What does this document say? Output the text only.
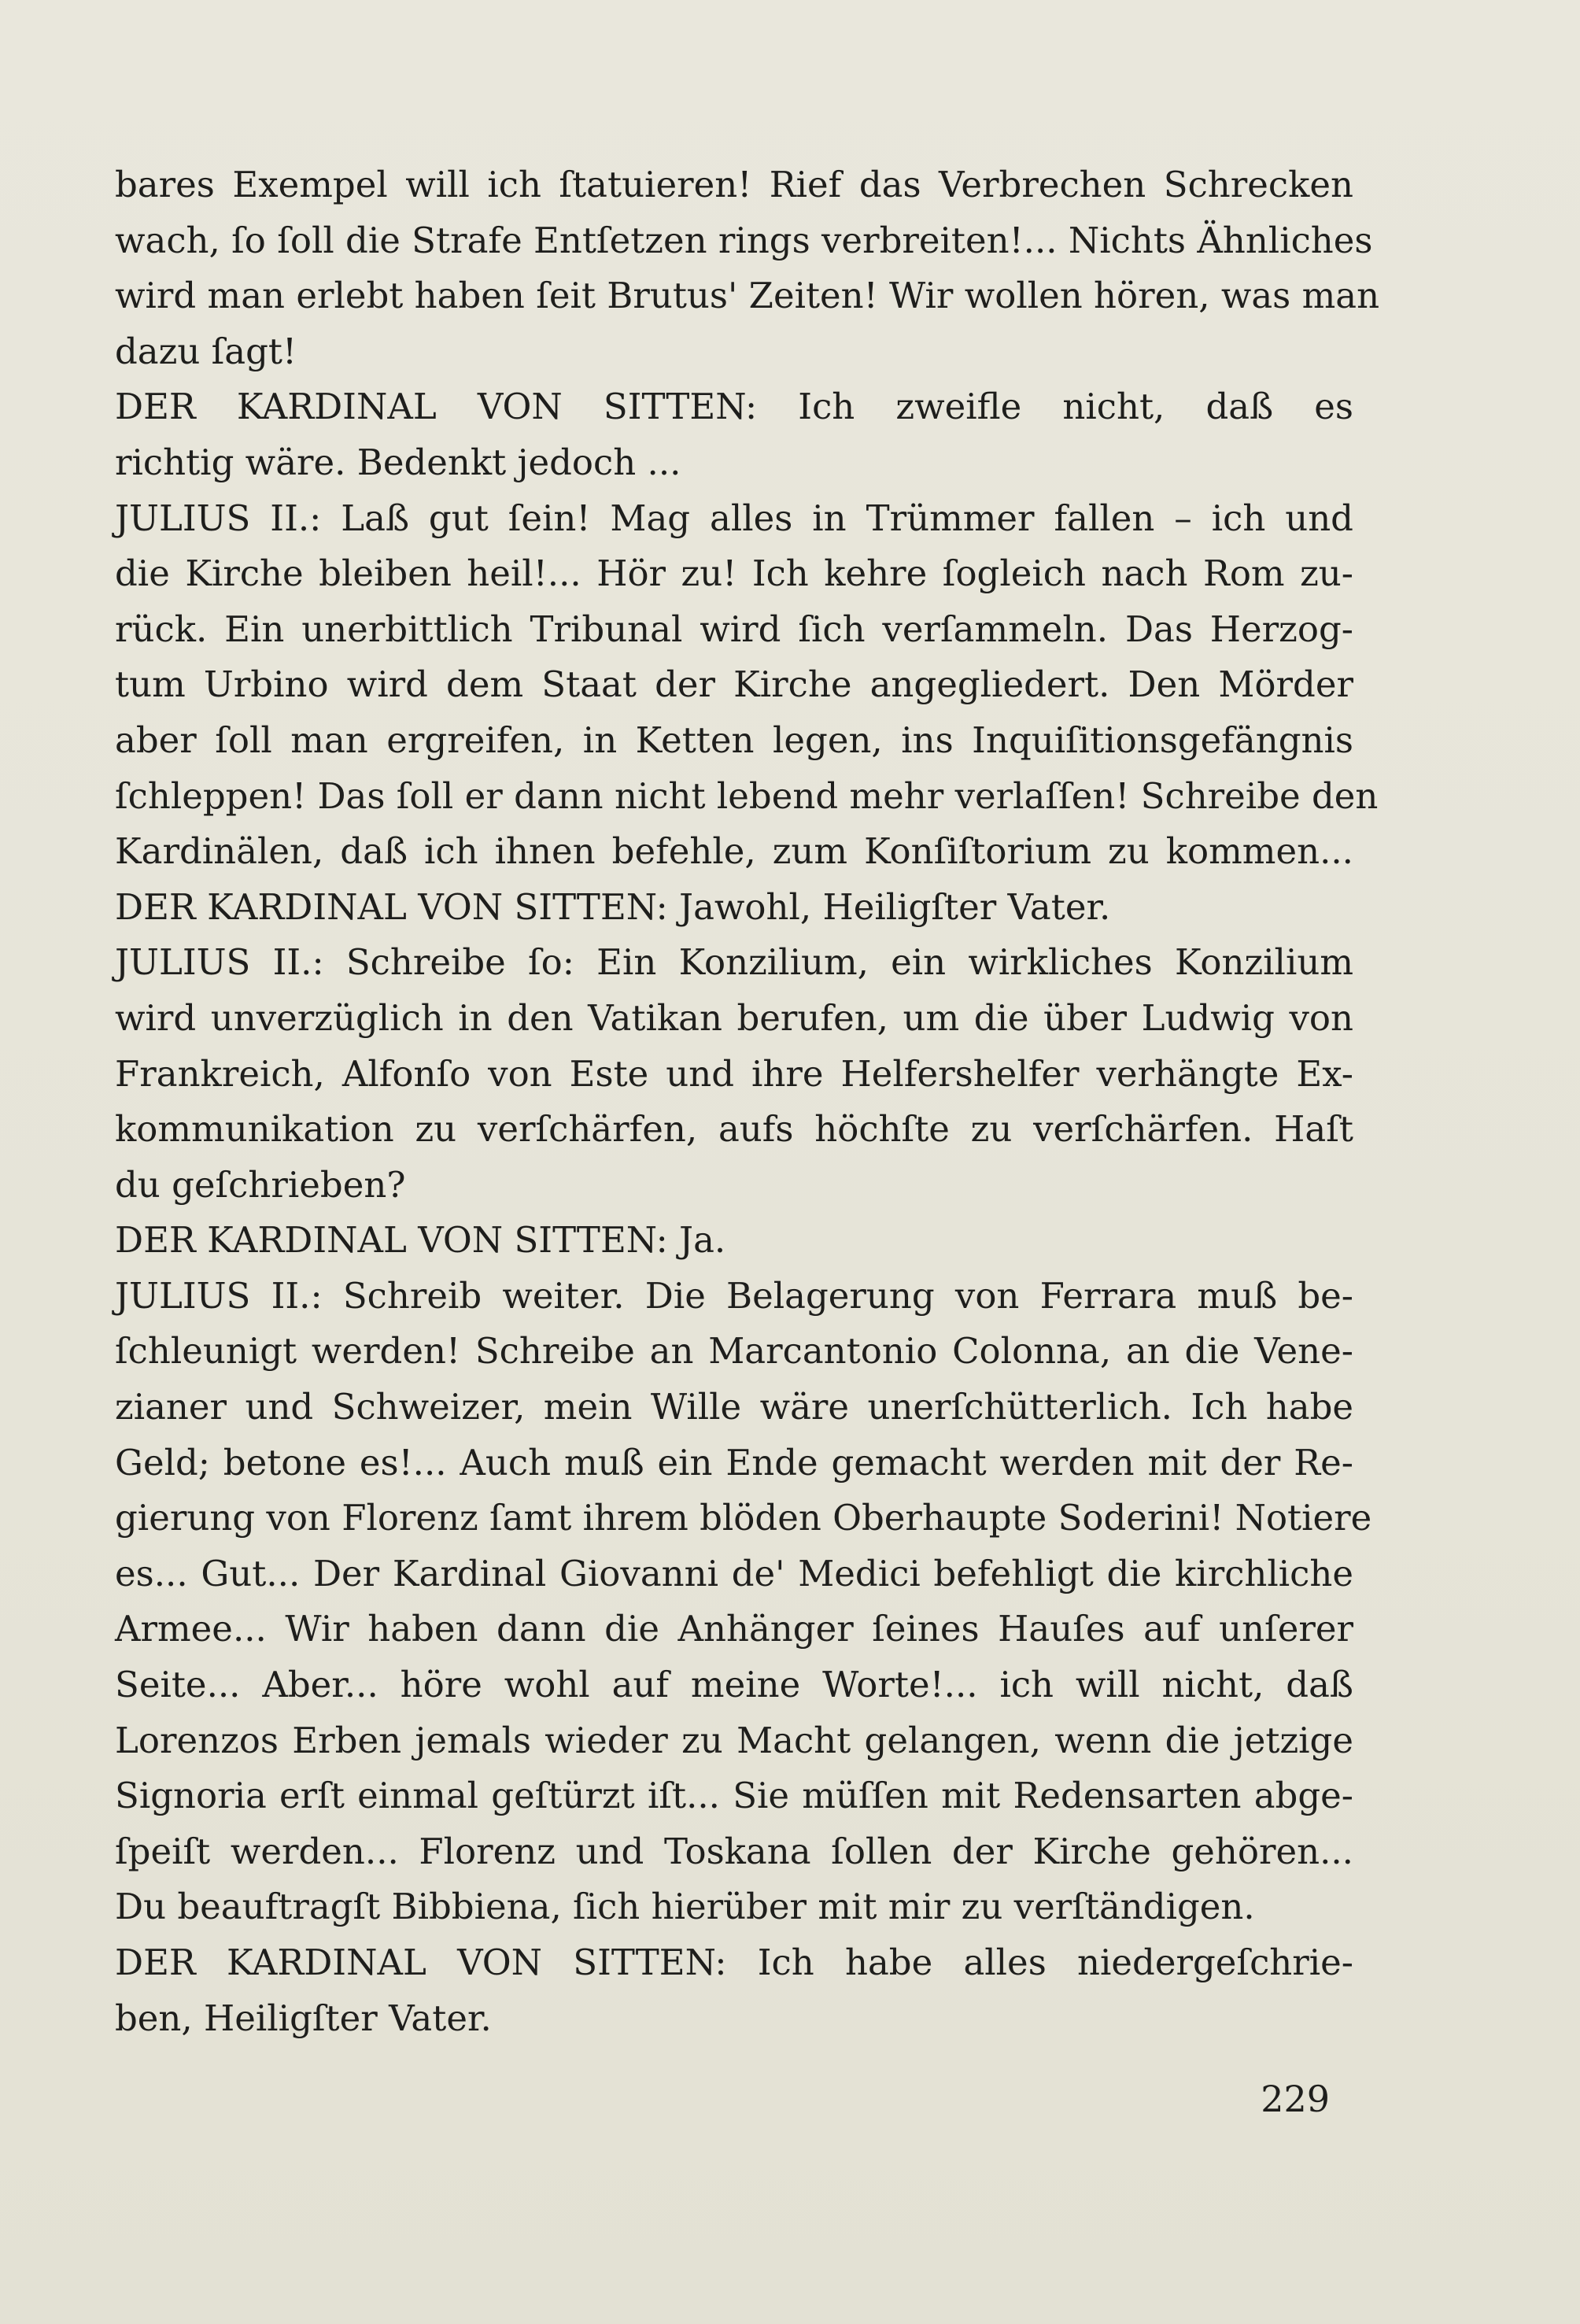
bares Exempel will ich ſtatuieren! Rief das Verbrechen Schrecken
wach, ſo ſoll die Strafe Entſetzen rings verbreiten!... Nichts Ähnliches
wird man erlebt haben ſeit Brutus' Zeiten! Wir wollen hören, was man
dazu ſagt!
DER KARDINAL VON SITTEN: Ich zweifle nicht, daß es
richtig wäre. Bedenkt jedoch ...
JULIUS II.: Laß gut ſein! Mag alles in Trümmer fallen – ich und
die Kirche bleiben heil!... Hör zu! Ich kehre ſogleich nach Rom zu-
rück. Ein unerbittlich Tribunal wird ſich verſammeln. Das Herzog-
tum Urbino wird dem Staat der Kirche angegliedert. Den Mörder
aber ſoll man ergreifen, in Ketten legen, ins Inquiſitionsgefängnis
ſchleppen! Das ſoll er dann nicht lebend mehr verlaſſen! Schreibe den
Kardinälen, daß ich ihnen befehle, zum Konſiſtorium zu kommen...
DER KARDINAL VON SITTEN: Jawohl, Heiligſter Vater.
JULIUS II.: Schreibe ſo: Ein Konzilium, ein wirkliches Konzilium
wird unverzüglich in den Vatikan berufen, um die über Ludwig von
Frankreich, Alfonſo von Este und ihre Helfershelfer verhängte Ex-
kommunikation zu verſchärfen, aufs höchſte zu verſchärfen. Haſt
du geſchrieben?
DER KARDINAL VON SITTEN: Ja.
JULIUS II.: Schreib weiter. Die Belagerung von Ferrara muß be-
ſchleunigt werden! Schreibe an Marcantonio Colonna, an die Vene-
zianer und Schweizer, mein Wille wäre unerſchütterlich. Ich habe
Geld; betone es!... Auch muß ein Ende gemacht werden mit der Re-
gierung von Florenz ſamt ihrem blöden Oberhaupte Soderini! Notiere
es... Gut... Der Kardinal Giovanni de' Medici befehligt die kirchliche
Armee... Wir haben dann die Anhänger ſeines Hauſes auf unſerer
Seite... Aber... höre wohl auf meine Worte!... ich will nicht, daß
Lorenzos Erben jemals wieder zu Macht gelangen, wenn die jetzige
Signoria erſt einmal geſtürzt iſt... Sie müſſen mit Redensarten abge-
ſpeiſt werden... Florenz und Toskana ſollen der Kirche gehören...
Du beauftragſt Bibbiena, ſich hierüber mit mir zu verſtändigen.
DER KARDINAL VON SITTEN: Ich habe alles niedergeſchrie-
ben, Heiligſter Vater.
229
